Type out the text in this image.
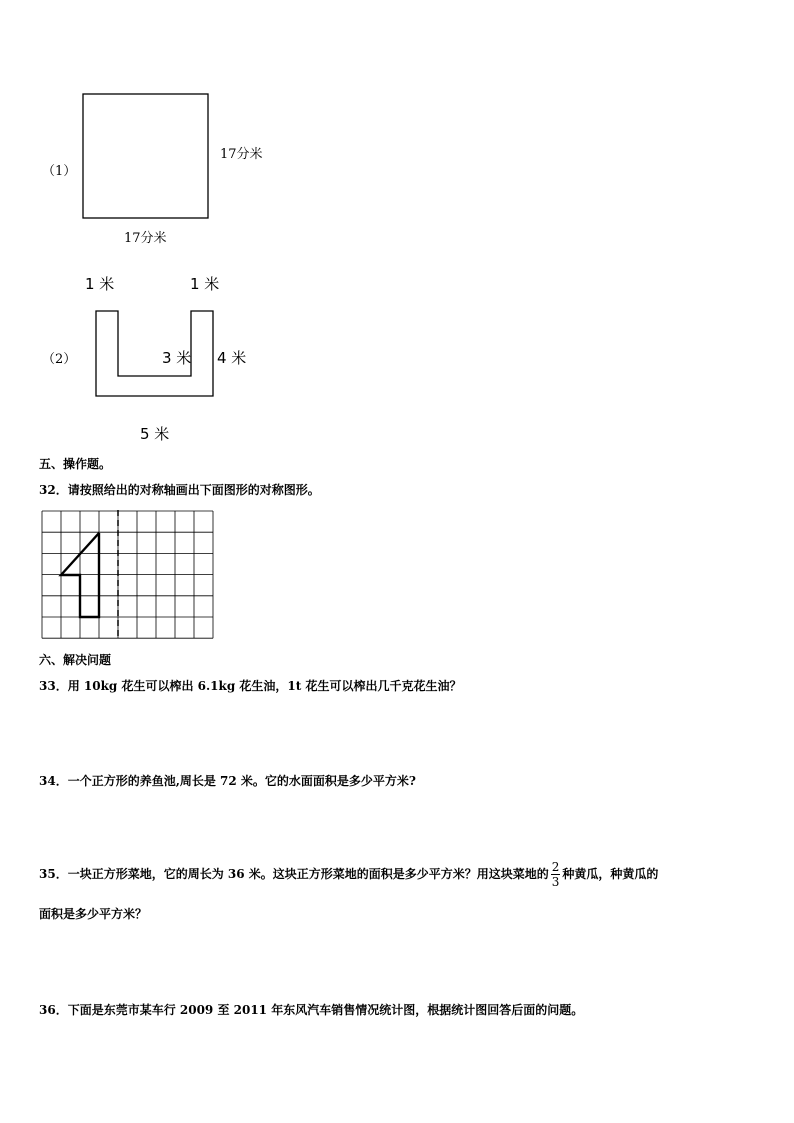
（1）
17分米
17分米
1 米	1 米
（2）	3 米 4 米
5 米
五、操作题。
32．请按照给出的对称轴画出下面图形的对称图形。
六、解决问题
33．用 10kg 花生可以榨出 6.1kg 花生油，1t 花生可以榨出几千克花生油？
34．一个正方形的养鱼池,周长是 72 米。它的水面面积是多少平方米?
35．一块正方形菜地，它的周长为 36 米。这块正方形菜地的面积是多少平方米？用这块菜地的 $\frac{2}{3}$ 种黄瓜，种黄瓜的
面积是多少平方米？
36．下面是东莞市某车行 2009 至 2011 年东风汽车销售情况统计图，根据统计图回答后面的问题。
